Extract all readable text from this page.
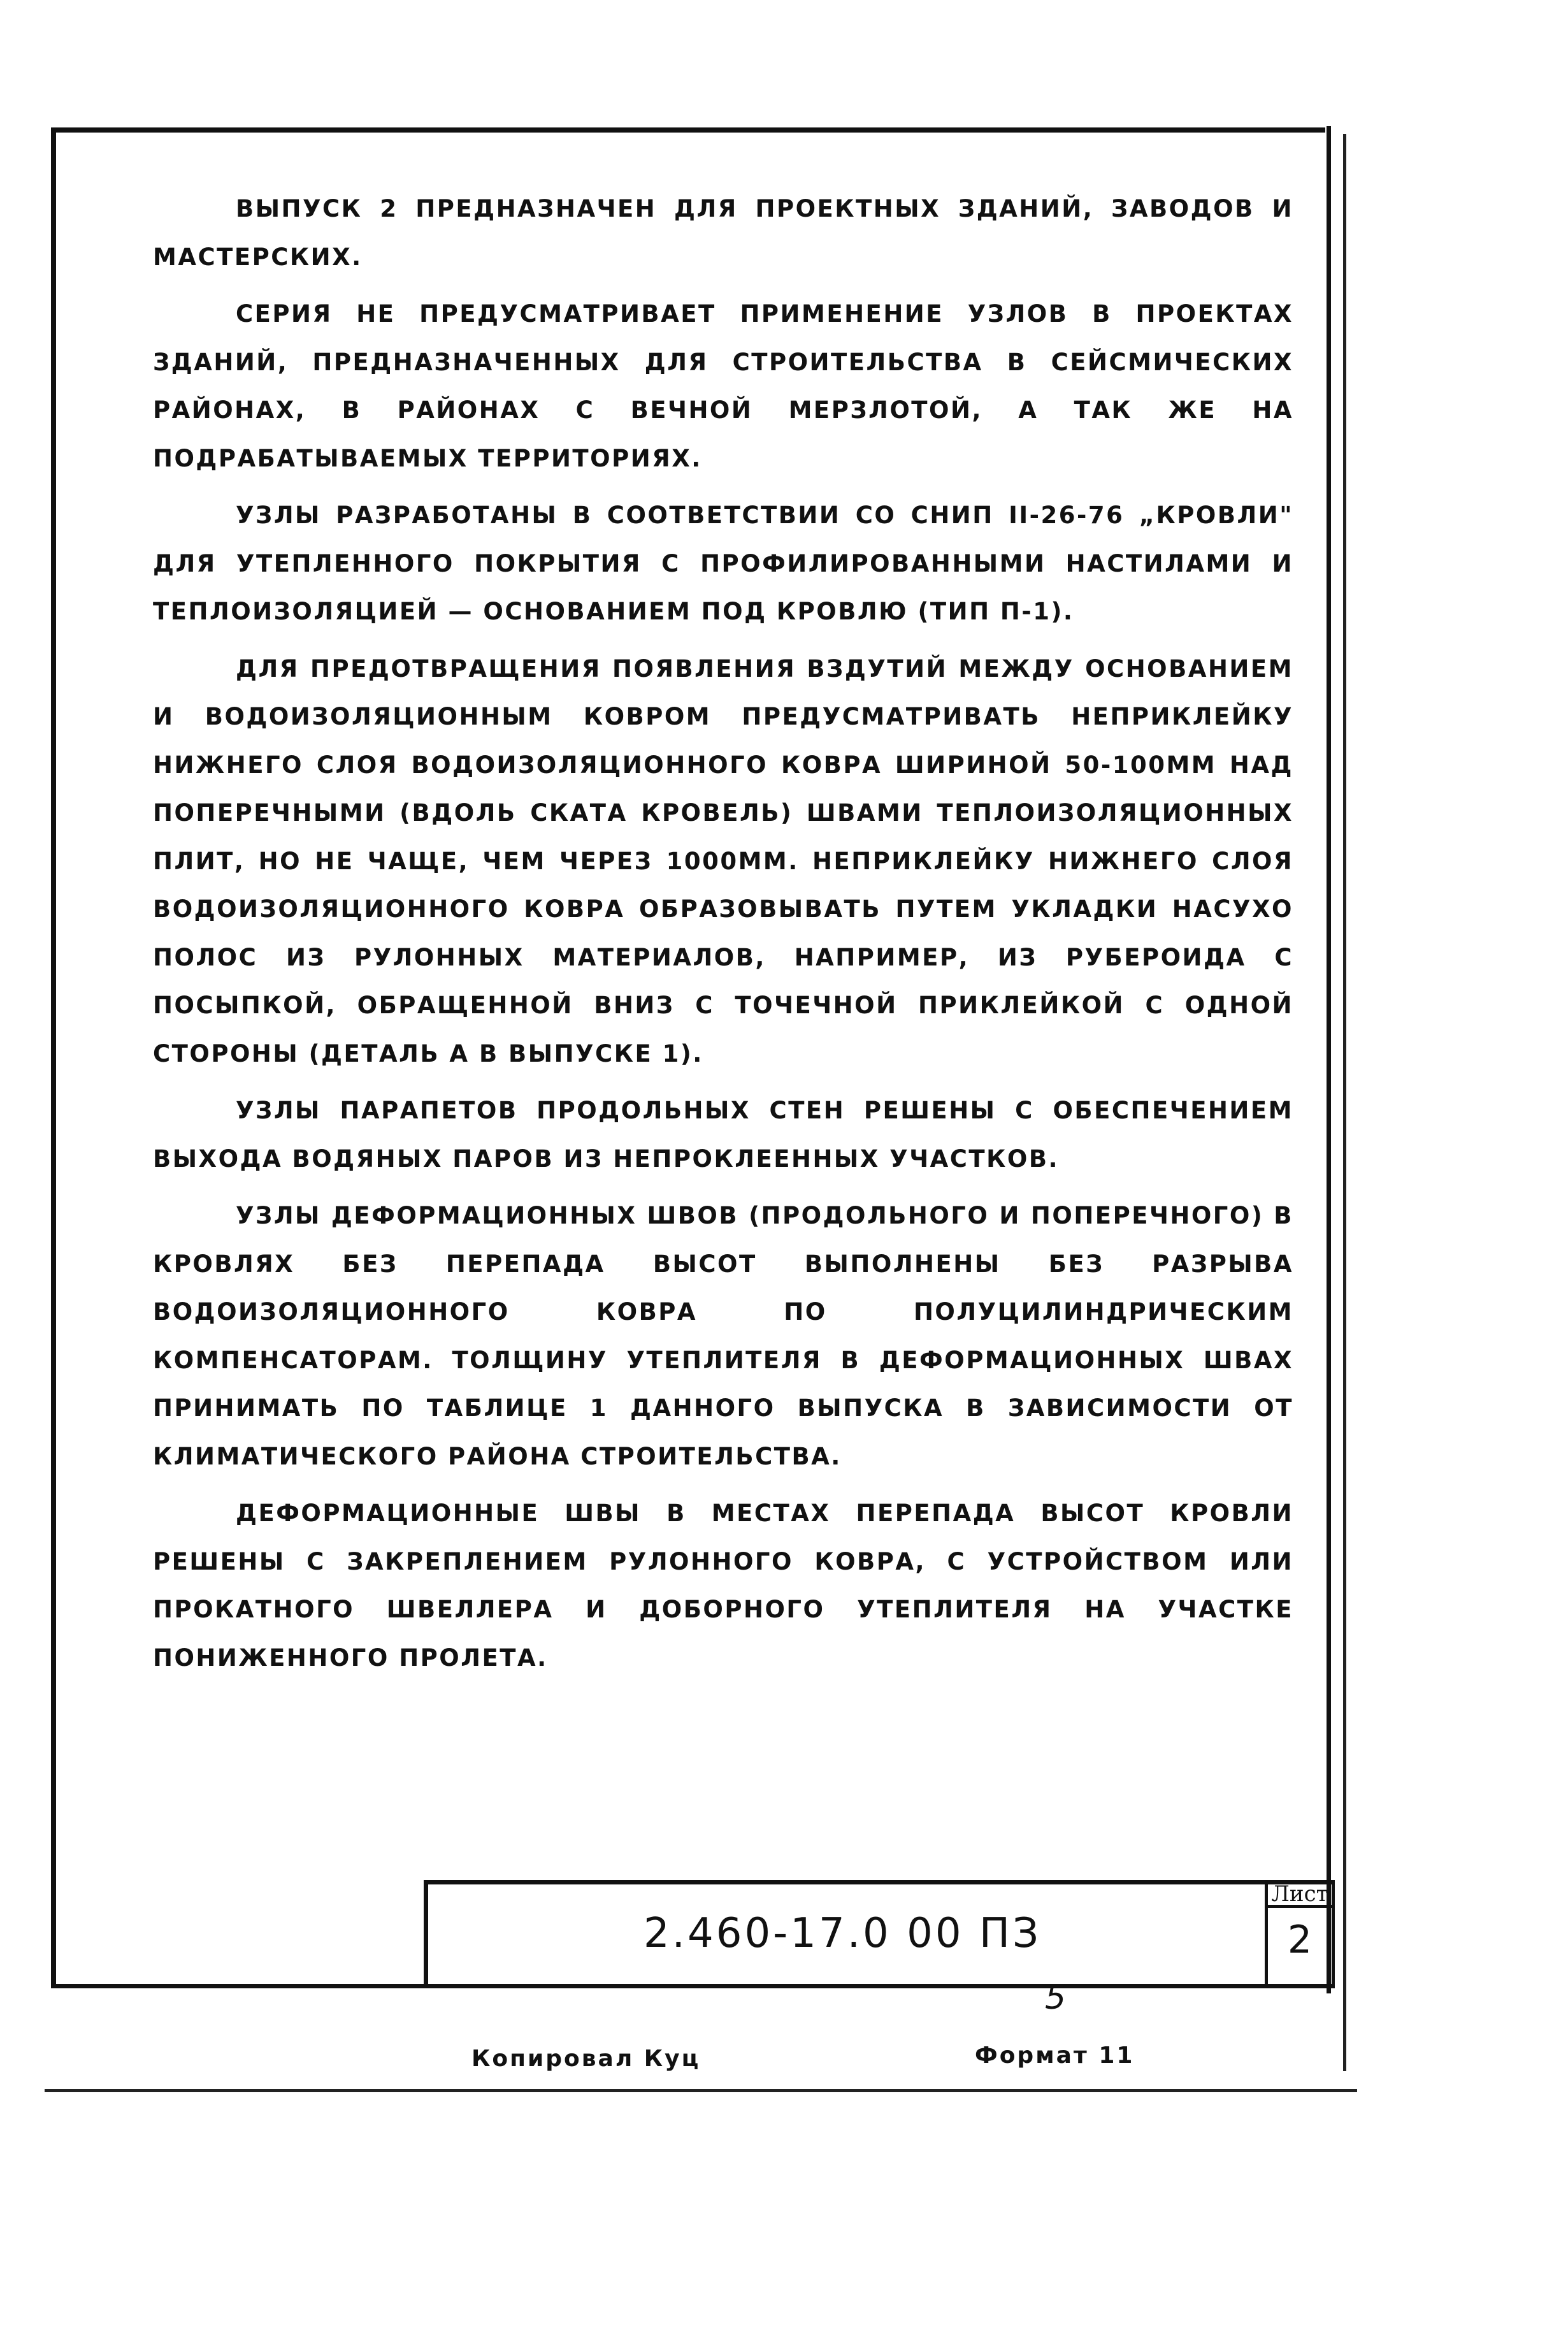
ВЫПУСК 2 ПРЕДНАЗНАЧЕН ДЛЯ ПРОЕКТНЫХ ЗДАНИЙ, ЗАВОДОВ И МАСТЕРСКИХ.

СЕРИЯ НЕ ПРЕДУСМАТРИВАЕТ ПРИМЕНЕНИЕ УЗЛОВ В ПРОЕКТАХ ЗДАНИЙ, ПРЕДНАЗНАЧЕННЫХ ДЛЯ СТРОИТЕЛЬСТВА В СЕЙСМИЧЕСКИХ РАЙОНАХ, В РАЙОНАХ С ВЕЧНОЙ МЕРЗЛОТОЙ, А ТАК ЖЕ НА ПОДРАБАТЫВАЕМЫХ ТЕРРИТОРИЯХ.

УЗЛЫ РАЗРАБОТАНЫ В СООТВЕТСТВИИ СО СНИП II-26-76 „КРОВЛИ" ДЛЯ УТЕПЛЕННОГО ПОКРЫТИЯ С ПРОФИЛИРОВАННЫМИ НАСТИЛАМИ И ТЕПЛОИЗОЛЯЦИЕЙ — ОСНОВАНИЕМ ПОД КРОВЛЮ (ТИП П-1).

ДЛЯ ПРЕДОТВРАЩЕНИЯ ПОЯВЛЕНИЯ ВЗДУТИЙ МЕЖДУ ОСНОВАНИЕМ И ВОДОИЗОЛЯЦИОННЫМ КОВРОМ ПРЕДУСМАТРИВАТЬ НЕПРИКЛЕЙКУ НИЖНЕГО СЛОЯ ВОДОИЗОЛЯЦИОННОГО КОВРА ШИРИНОЙ 50-100ММ НАД ПОПЕРЕЧНЫМИ (ВДОЛЬ СКАТА КРОВЕЛЬ) ШВАМИ ТЕПЛОИЗОЛЯЦИОННЫХ ПЛИТ, НО НЕ ЧАЩЕ, ЧЕМ ЧЕРЕЗ 1000ММ. НЕПРИКЛЕЙКУ НИЖНЕГО СЛОЯ ВОДОИЗОЛЯЦИОННОГО КОВРА ОБРАЗОВЫВАТЬ ПУТЕМ УКЛАДКИ НАСУХО ПОЛОС ИЗ РУЛОННЫХ МАТЕРИАЛОВ, НАПРИМЕР, ИЗ РУБЕРОИДА С ПОСЫПКОЙ, ОБРАЩЕННОЙ ВНИЗ С ТОЧЕЧНОЙ ПРИКЛЕЙКОЙ С ОДНОЙ СТОРОНЫ (ДЕТАЛЬ А В ВЫПУСКЕ 1).

УЗЛЫ ПАРАПЕТОВ ПРОДОЛЬНЫХ СТЕН РЕШЕНЫ С ОБЕСПЕЧЕНИЕМ ВЫХОДА ВОДЯНЫХ ПАРОВ ИЗ НЕПРОКЛЕЕННЫХ УЧАСТКОВ.

УЗЛЫ ДЕФОРМАЦИОННЫХ ШВОВ (ПРОДОЛЬНОГО И ПОПЕРЕЧНОГО) В КРОВЛЯХ БЕЗ ПЕРЕПАДА ВЫСОТ ВЫПОЛНЕНЫ БЕЗ РАЗРЫВА ВОДОИЗОЛЯЦИОННОГО КОВРА ПО ПОЛУЦИЛИНДРИЧЕСКИМ КОМПЕНСАТОРАМ. ТОЛЩИНУ УТЕПЛИТЕЛЯ В ДЕФОРМАЦИОННЫХ ШВАХ ПРИНИМАТЬ ПО ТАБЛИЦЕ 1 ДАННОГО ВЫПУСКА В ЗАВИСИМОСТИ ОТ КЛИМАТИЧЕСКОГО РАЙОНА СТРОИТЕЛЬСТВА.

ДЕФОРМАЦИОННЫЕ ШВЫ В МЕСТАХ ПЕРЕПАДА ВЫСОТ КРОВЛИ РЕШЕНЫ С ЗАКРЕПЛЕНИЕМ РУЛОННОГО КОВРА, С УСТРОЙСТВОМ ИЛИ ПРОКАТНОГО ШВЕЛЛЕРА И ДОБОРНОГО УТЕПЛИТЕЛЯ НА УЧАСТКЕ ПОНИЖЕННОГО ПРОЛЕТА.

2.460-17.0 00 ПЗ
Лист
2
5
Копировал Куц	Формат 11
